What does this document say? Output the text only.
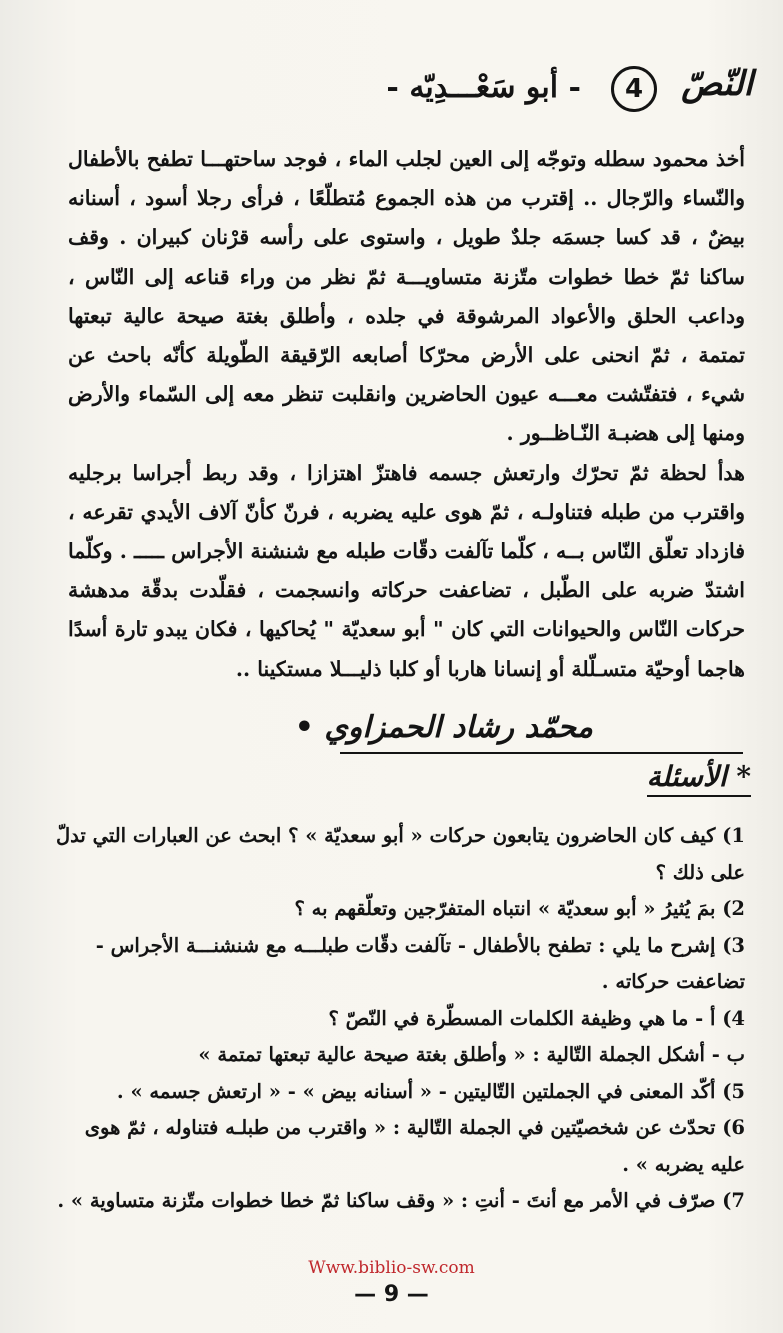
النّصّ
4
- أبو سَعْـــدِيّه -

أخذ محمود سطله وتوجّه إلى العين لجلب الماء ، فوجد ساحتهـــا تطفح بالأطفال والنّساء والرّجال .. إقترب من هذه الجموع مُتطلّعًا ، فرأى رجلا أسود ، أسنانه بيضٌ ، قد كسا جسمَه جلدٌ طويل ، واستوى على رأسه قرْنان كبيران . وقف ساكنا ثمّ خطا خطوات متّزنة متساويـــة ثمّ نظر من وراء قناعه إلى النّاس ، وداعب الحلق والأعواد المرشوقة في جلده ، وأطلق بغتة صيحة عالية تبعتها تمتمة ، ثمّ انحنى على الأرض محرّكا أصابعه الرّقيقة الطّويلة كأنّه باحث عن شيء ، فتفتّشت معـــه عيون الحاضرين وانقلبت تنظر معه إلى السّماء والأرض ومنها إلى هضبـة النّـاظــور .

هدأ لحظة ثمّ تحرّك وارتعش جسمه فاهتزّ اهتزازا ، وقد ربط أجراسا برجليه واقترب من طبله فتناولـه ، ثمّ هوى عليه يضربه ، فرنّ كأنّ آلاف الأيدي تقرعه ، فازداد تعلّق النّاس بــه ، كلّما تآلفت دقّات طبله مع شنشنة الأجراس ـــــ . وكلّما اشتدّ ضربه على الطّبل ، تضاعفت حركاته وانسجمت ، فقلّدت بدقّة مدهشة حركات النّاس والحيوانات التي كان " أبو سعديّة " يُحاكيها ، فكان يبدو تارة أسدًا هاجما أوحيّة متسـلّلة أو إنسانا هاربا أو كلبا ذليـــلا مستكينا ..

محمّد رشاد الحمزاوي •
* الأسئلة
1) كيف كان الحاضرون يتابعون حركات « أبو سعديّة » ؟ ابحث عن العبارات التي تدلّ على ذلك ؟
2) بمَ يُثيرُ « أبو سعديّة » انتباه المتفرّجين وتعلّقهم به ؟
3) إشرح ما يلي : تطفح بالأطفال - تآلفت دقّات طبلـــه مع شنشنـــة الأجراس - تضاعفت حركاته .
4) أ - ما هي وظيفة الكلمات المسطّرة في النّصّ ؟
ب - أشكل الجملة التّالية : « وأطلق بغتة صيحة عالية تبعتها تمتمة »
5) أكّد المعنى في الجملتين التّاليتين - « أسنانه بيض » - « ارتعش جسمه » .
6) تحدّث عن شخصيّتين في الجملة التّالية : « واقترب من طبلـه فتناوله ، ثمّ هوى عليه يضربه » .
7) صرّف في الأمر مع أنتَ - أنتِ : « وقف ساكنا ثمّ خطا خطوات متّزنة متساوية » .
Www.biblio-sw.com
— 9 —
